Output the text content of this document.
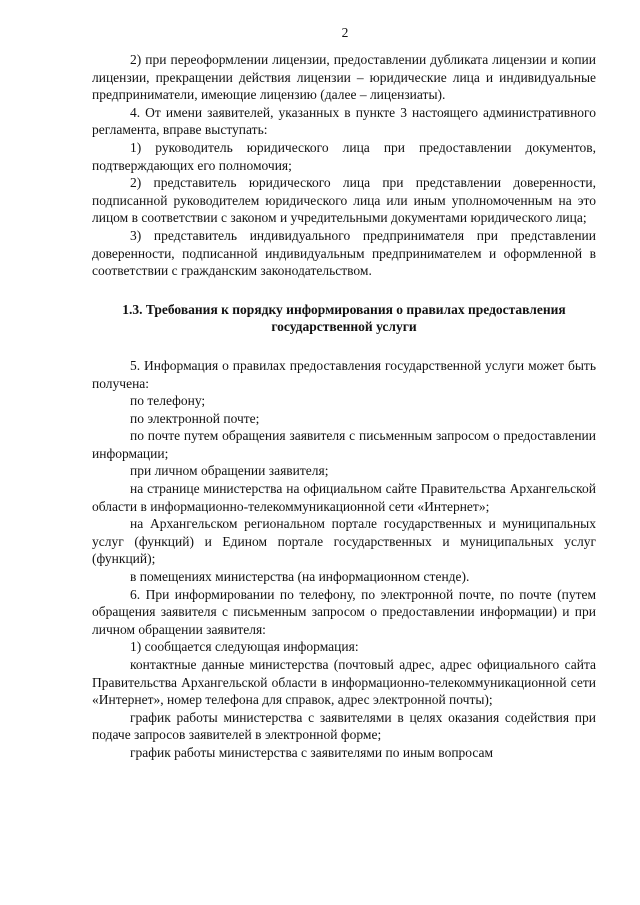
2

2) при переоформлении лицензии, предоставлении дубликата лицензии и копии лицензии, прекращении действия лицензии – юридические лица и индивидуальные предприниматели, имеющие лицензию (далее – лицензиаты).

4. От имени заявителей, указанных в пункте 3 настоящего административного регламента, вправе выступать:

1) руководитель юридического лица при предоставлении документов, подтверждающих его полномочия;

2) представитель юридического лица при представлении доверенности, подписанной руководителем юридического лица или иным уполномоченным на это лицом в соответствии с законом и учредительными документами юридического лица;

3) представитель индивидуального предпринимателя при представлении доверенности, подписанной индивидуальным предпринимателем и оформленной в соответствии с гражданским законодательством.

1.3. Требования к порядку информирования о правилах предоставления государственной услуги

5. Информация о правилах предоставления государственной услуги может быть получена:

по телефону;

по электронной почте;

по почте путем обращения заявителя с письменным запросом о предоставлении информации;

при личном обращении заявителя;

на странице министерства на официальном сайте Правительства Архангельской области в информационно-телекоммуникационной сети «Интернет»;

на Архангельском региональном портале государственных и муниципальных услуг (функций) и Едином портале государственных и муниципальных услуг (функций);

в помещениях министерства (на информационном стенде).

6. При информировании по телефону, по электронной почте, по почте (путем обращения заявителя с письменным запросом о предоставлении информации) и при личном обращении заявителя:

1) сообщается следующая информация:

контактные данные министерства (почтовый адрес, адрес официального сайта Правительства Архангельской области в информационно-телекоммуникационной сети «Интернет», номер телефона для справок, адрес электронной почты);

график работы министерства с заявителями в целях оказания содействия при подаче запросов заявителей в электронной форме;

график работы министерства с заявителями по иным вопросам
